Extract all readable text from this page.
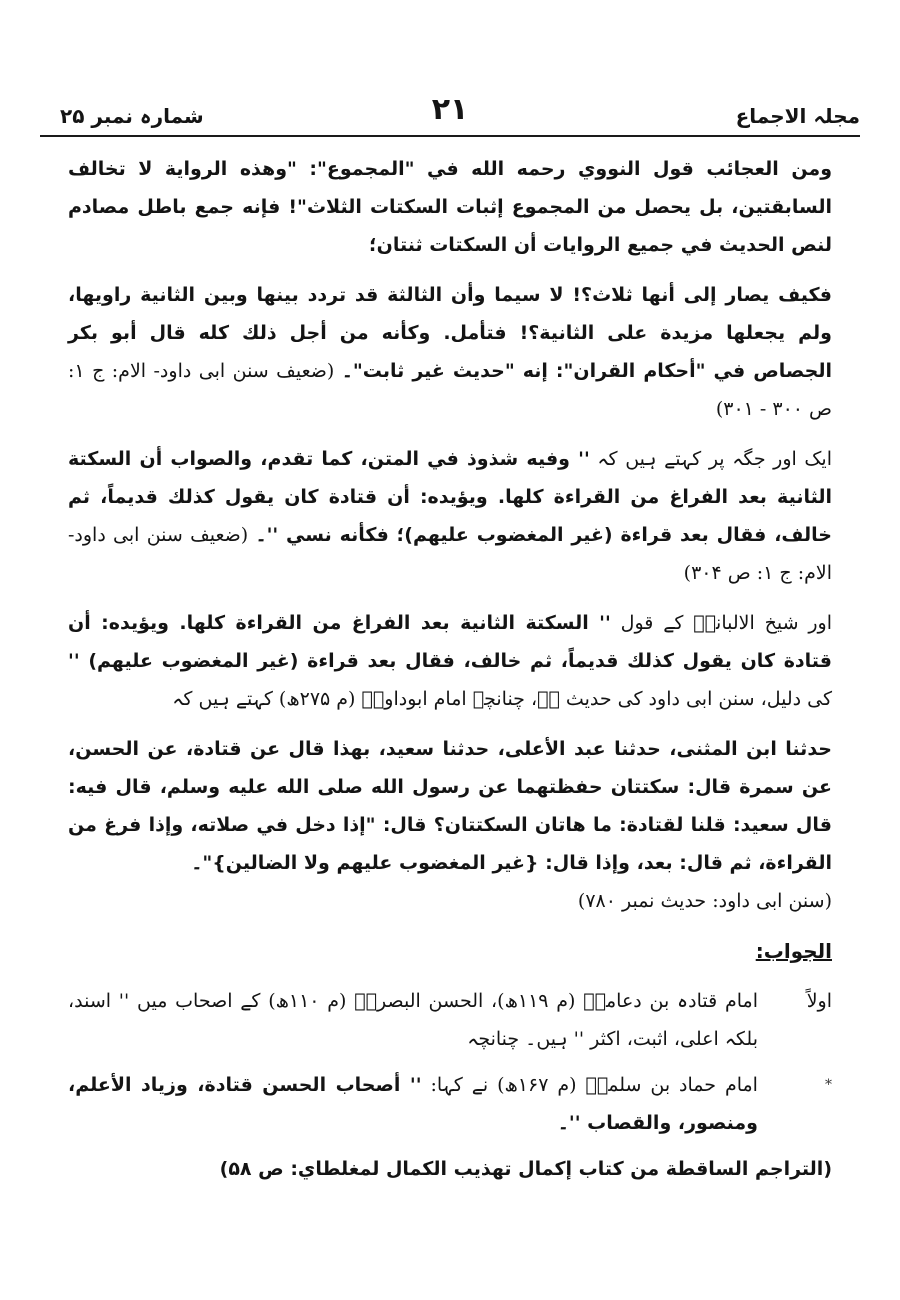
مجلہ الاجماع
۲۱
شمارہ نمبر ۲۵

ومن العجائب قول النووي رحمه الله في "المجموع": "وهذه الرواية لا تخالف السابقتين، بل يحصل من المجموع إثبات السكتات الثلاث"! فإنه جمع باطل مصادم لنص الحديث في جميع الروايات أن السكتات ثنتان؛

فكيف يصار إلى أنها ثلاث؟! لا سيما وأن الثالثة قد تردد بينها وبين الثانية راويها، ولم يجعلها مزيدة على الثانية؟! فتأمل. وكأنه من أجل ذلك كله قال أبو بكر الجصاص في "أحكام القران": إنه "حديث غير ثابت"۔ (ضعیف سنن ابی داود- الام: ج ۱: ص ۳۰۰ - ۳۰۱)

ایک اور جگہ پر کہتے ہیں کہ '' وفيه شذوذ في المتن، كما تقدم، والصواب أن السكتة الثانية بعد الفراغ من القراءة كلها. ويؤيده: أن قتادة كان يقول كذلك قديماً، ثم خالف، فقال بعد قراءة (غير المغضوب عليهم)؛ فكأنه نسي ''۔ (ضعیف سنن ابی داود- الام: ج ۱: ص ۳۰۴)

اور شیخ الالبانیؒ کے قول '' السكتة الثانية بعد الفراغ من القراءة كلها. ويؤيده: أن قتادة كان يقول كذلك قديماً، ثم خالف، فقال بعد قراءة (غير المغضوب عليهم) '' کی دلیل، سنن ابی داود کی حدیث ہے، چنانچہ امام ابوداودؒ (م ۲۷۵ھ) کہتے ہیں کہ

حدثنا ابن المثنى، حدثنا عبد الأعلى، حدثنا سعيد، بهذا قال عن قتادة، عن الحسن، عن سمرة قال: سكتتان حفظتهما عن رسول الله صلى الله عليه وسلم، قال فيه: قال سعيد: قلنا لقتادة: ما هاتان السكتتان؟ قال: "إذا دخل في صلاته، وإذا فرغ من القراءة، ثم قال: بعد، وإذا قال: {غير المغضوب عليهم ولا الضالين}"۔
(سنن ابی داود: حدیث نمبر ۷۸۰)

الجواب:
اولاً
امام قتادہ بن دعامہؒ (م ۱۱۹ھ)، الحسن البصریؒ (م ۱۱۰ھ) کے اصحاب میں '' اسند، بلکہ اعلی، اثبت، اکثر '' ہیں۔ چنانچہ
*
امام حماد بن سلمہؒ (م ۱۶۷ھ) نے کہا: '' أصحاب الحسن قتادة، وزياد الأعلم، ومنصور، والقصاب ''۔

(التراجم الساقطة من كتاب إكمال تهذيب الكمال لمغلطاي: ص ۵۸)
